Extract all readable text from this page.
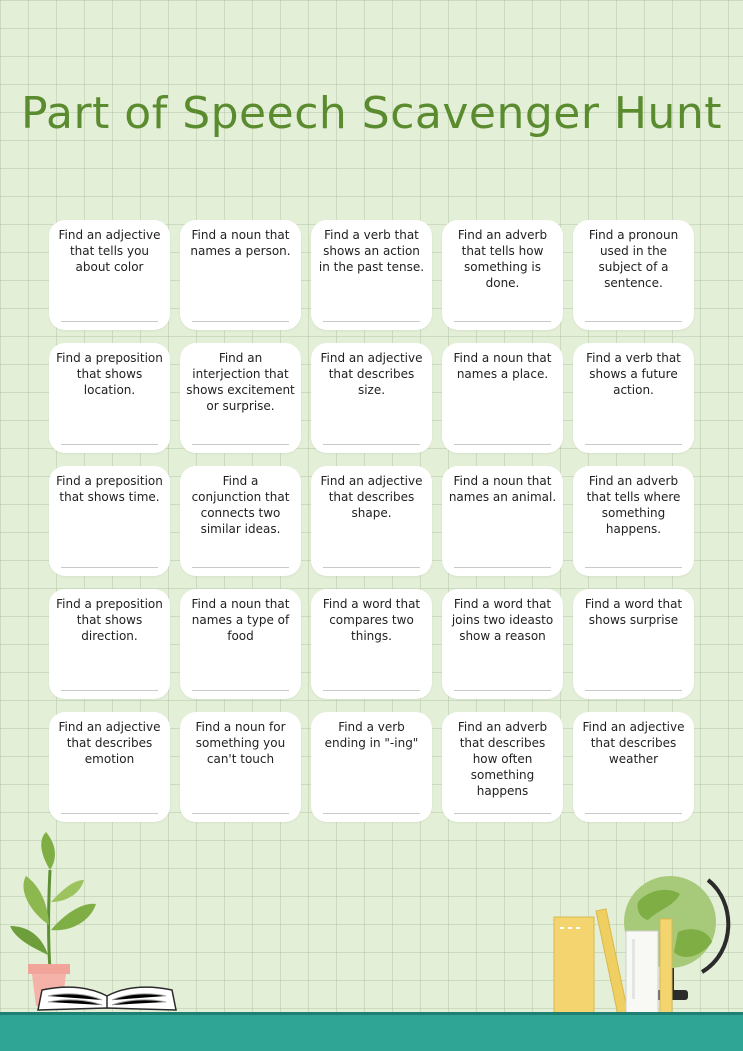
Part of Speech Scavenger Hunt
Find an adjective that tells you about color
Find a noun that names a person.
Find a verb that shows an action in the past tense.
Find an adverb that tells how something is done.
Find a pronoun used in the subject of a sentence.
Find a preposition that shows location.
Find an interjection that shows excitement or surprise.
Find an adjective that describes size.
Find a noun that names a place.
Find a verb that shows a future action.
Find a preposition that shows time.
Find a conjunction that connects two similar ideas.
Find an adjective that describes shape.
Find a noun that names an animal.
Find an adverb that tells where something happens.
Find a preposition that shows direction.
Find a noun that names a type of food
Find a word that compares two things.
Find a word that joins two ideasto show a reason
Find a word that shows surprise
Find an adjective that describes emotion
Find a noun for something you can't touch
Find a verb ending in "-ing"
Find an adverb that describes how often something happens
Find an adjective that describes weather
